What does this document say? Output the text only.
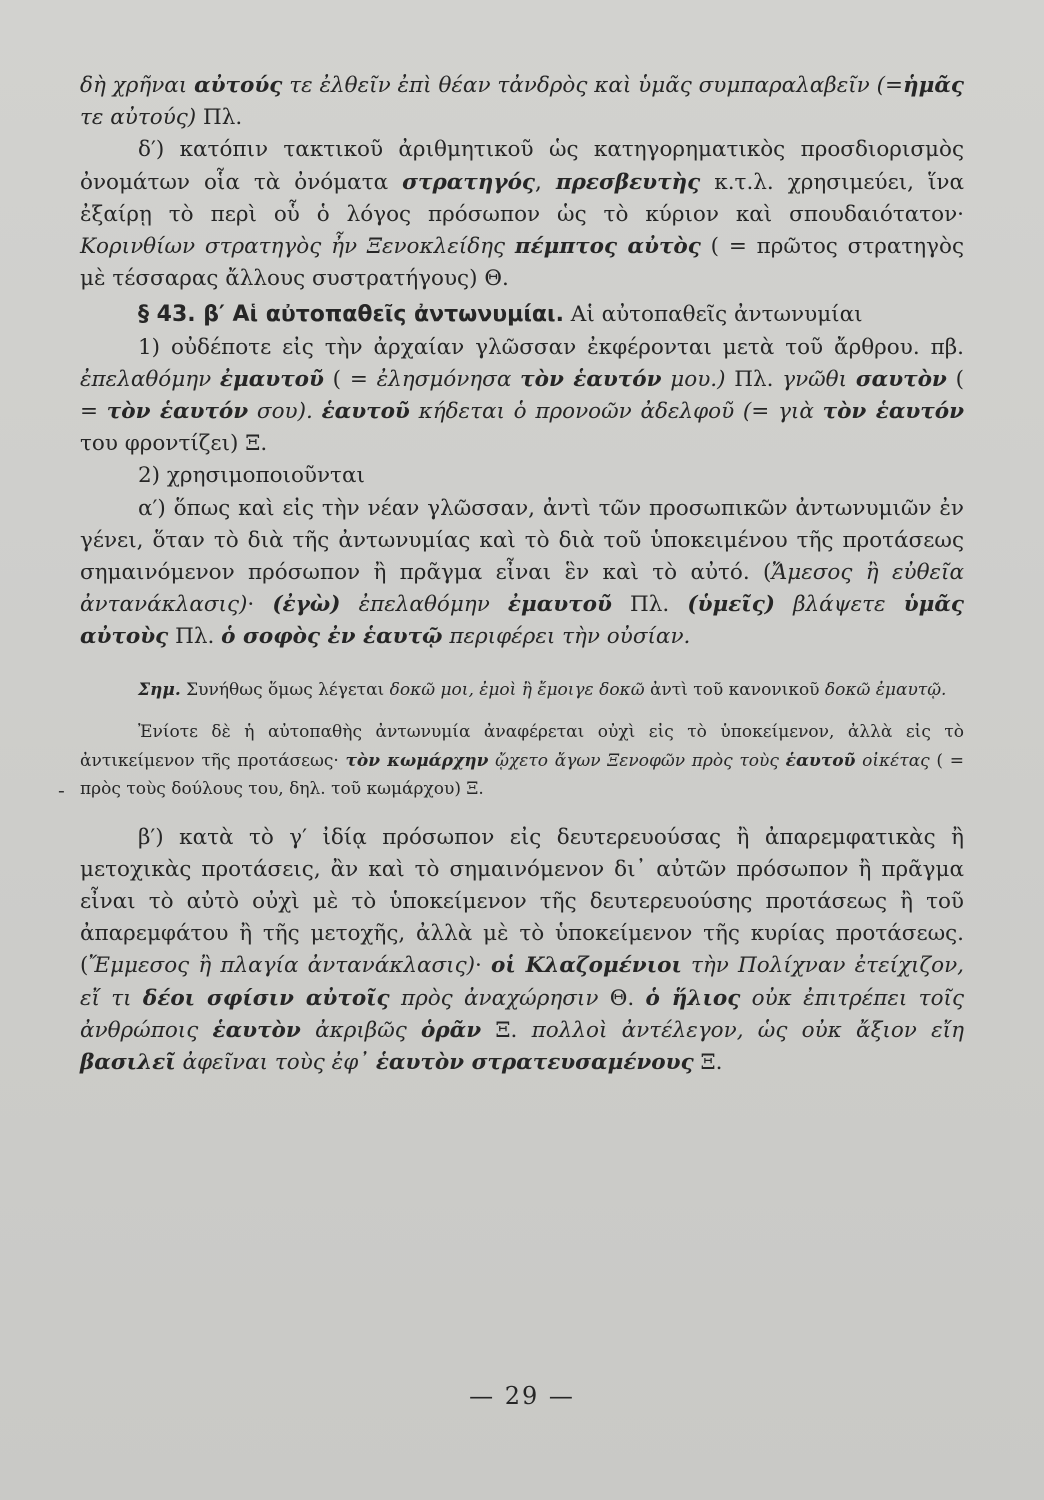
δὴ χρῆναι αὐτούς τε ἐλθεῖν ἐπὶ θέαν τἀνδρὸς καὶ ὑμᾶς συμπαραλαβεῖν (=ἡμᾶς τε αὐτούς) Πλ.

δ′) κατόπιν τακτικοῦ ἀριθμητικοῦ ὡς κατηγορηματικὸς προσδιορισμὸς ὀνομάτων οἷα τὰ ὀνόματα στρατηγός, πρεσβευτὴς κ.τ.λ. χρησιμεύει, ἵνα ἐξαίρῃ τὸ περὶ οὗ ὁ λόγος πρόσωπον ὡς τὸ κύριον καὶ σπουδαιότατον· Κορινθίων στρατηγὸς ἦν Ξενοκλείδης πέμπτος αὐτὸς ( = πρῶτος στρατηγὸς μὲ τέσσαρας ἄλλους συστρατήγους) Θ.

§ 43. β′ Αἱ αὐτοπαθεῖς ἀντωνυμίαι. Αἱ αὐτοπαθεῖς ἀντωνυμίαι

1) οὐδέποτε εἰς τὴν ἀρχαίαν γλῶσσαν ἐκφέρονται μετὰ τοῦ ἄρθρου. πβ. ἐπελαθόμην ἐμαυτοῦ ( = ἐλησμόνησα τὸν ἑαυτόν μου.) Πλ. γνῶθι σαυτὸν ( = τὸν ἑαυτόν σου). ἑαυτοῦ κήδεται ὁ προνοῶν ἀδελφοῦ (= γιὰ τὸν ἑαυτόν του φροντίζει) Ξ.

2) χρησιμοποιοῦνται

α′) ὅπως καὶ εἰς τὴν νέαν γλῶσσαν, ἀντὶ τῶν προσωπικῶν ἀντωνυμιῶν ἐν γένει, ὅταν τὸ διὰ τῆς ἀντωνυμίας καὶ τὸ διὰ τοῦ ὑποκειμένου τῆς προτάσεως σημαινόμενον πρόσωπον ἢ πρᾶγμα εἶναι ἓν καὶ τὸ αὐτό. (Ἄμεσος ἢ εὐθεῖα ἀντανάκλασις)· (ἐγὼ) ἐπελαθόμην ἐμαυτοῦ Πλ. (ὑμεῖς) βλάψετε ὑμᾶς αὐτοὺς Πλ. ὁ σοφὸς ἐν ἑαυτῷ περιφέρει τὴν οὐσίαν.

Σημ. Συνήθως ὅμως λέγεται δοκῶ μοι, ἐμοὶ ἢ ἔμοιγε δοκῶ ἀντὶ τοῦ κανονικοῦ δοκῶ ἐμαυτῷ.

Ἐνίοτε δὲ ἡ αὐτοπαθὴς ἀντωνυμία ἀναφέρεται οὐχὶ εἰς τὸ ὑποκείμενον, ἀλλὰ εἰς τὸ ἀντικείμενον τῆς προτάσεως· τὸν κωμάρχην ᾤχετο ἄγων Ξενοφῶν πρὸς τοὺς ἑαυτοῦ οἰκέτας ( = πρὸς τοὺς δούλους του, δηλ. τοῦ κωμάρχου) Ξ.

β′) κατὰ τὸ γ′ ἰδίᾳ πρόσωπον εἰς δευτερευούσας ἢ ἀπαρεμφατικὰς ἢ μετοχικὰς προτάσεις, ἂν καὶ τὸ σημαινόμενον δι᾽ αὐτῶν πρόσωπον ἢ πρᾶγμα εἶναι τὸ αὐτὸ οὐχὶ μὲ τὸ ὑποκείμενον τῆς δευτερευούσης προτάσεως ἢ τοῦ ἀπαρεμφάτου ἢ τῆς μετοχῆς, ἀλλὰ μὲ τὸ ὑποκείμενον τῆς κυρίας προτάσεως. (Ἔμμεσος ἢ πλαγία ἀντανάκλασις)· οἱ Κλαζομένιοι τὴν Πολίχναν ἐτείχιζον, εἴ τι δέοι σφίσιν αὐτοῖς πρὸς ἀναχώρησιν Θ. ὁ ἥλιος οὐκ ἐπιτρέπει τοῖς ἀνθρώποις ἑαυτὸν ἀκριβῶς ὁρᾶν Ξ. πολλοὶ ἀντέλεγον, ὡς οὐκ ἄξιον εἴη βασιλεῖ ἀφεῖναι τοὺς ἐφ᾽ ἑαυτὸν στρατευσαμένους Ξ.

-
— 29 —
